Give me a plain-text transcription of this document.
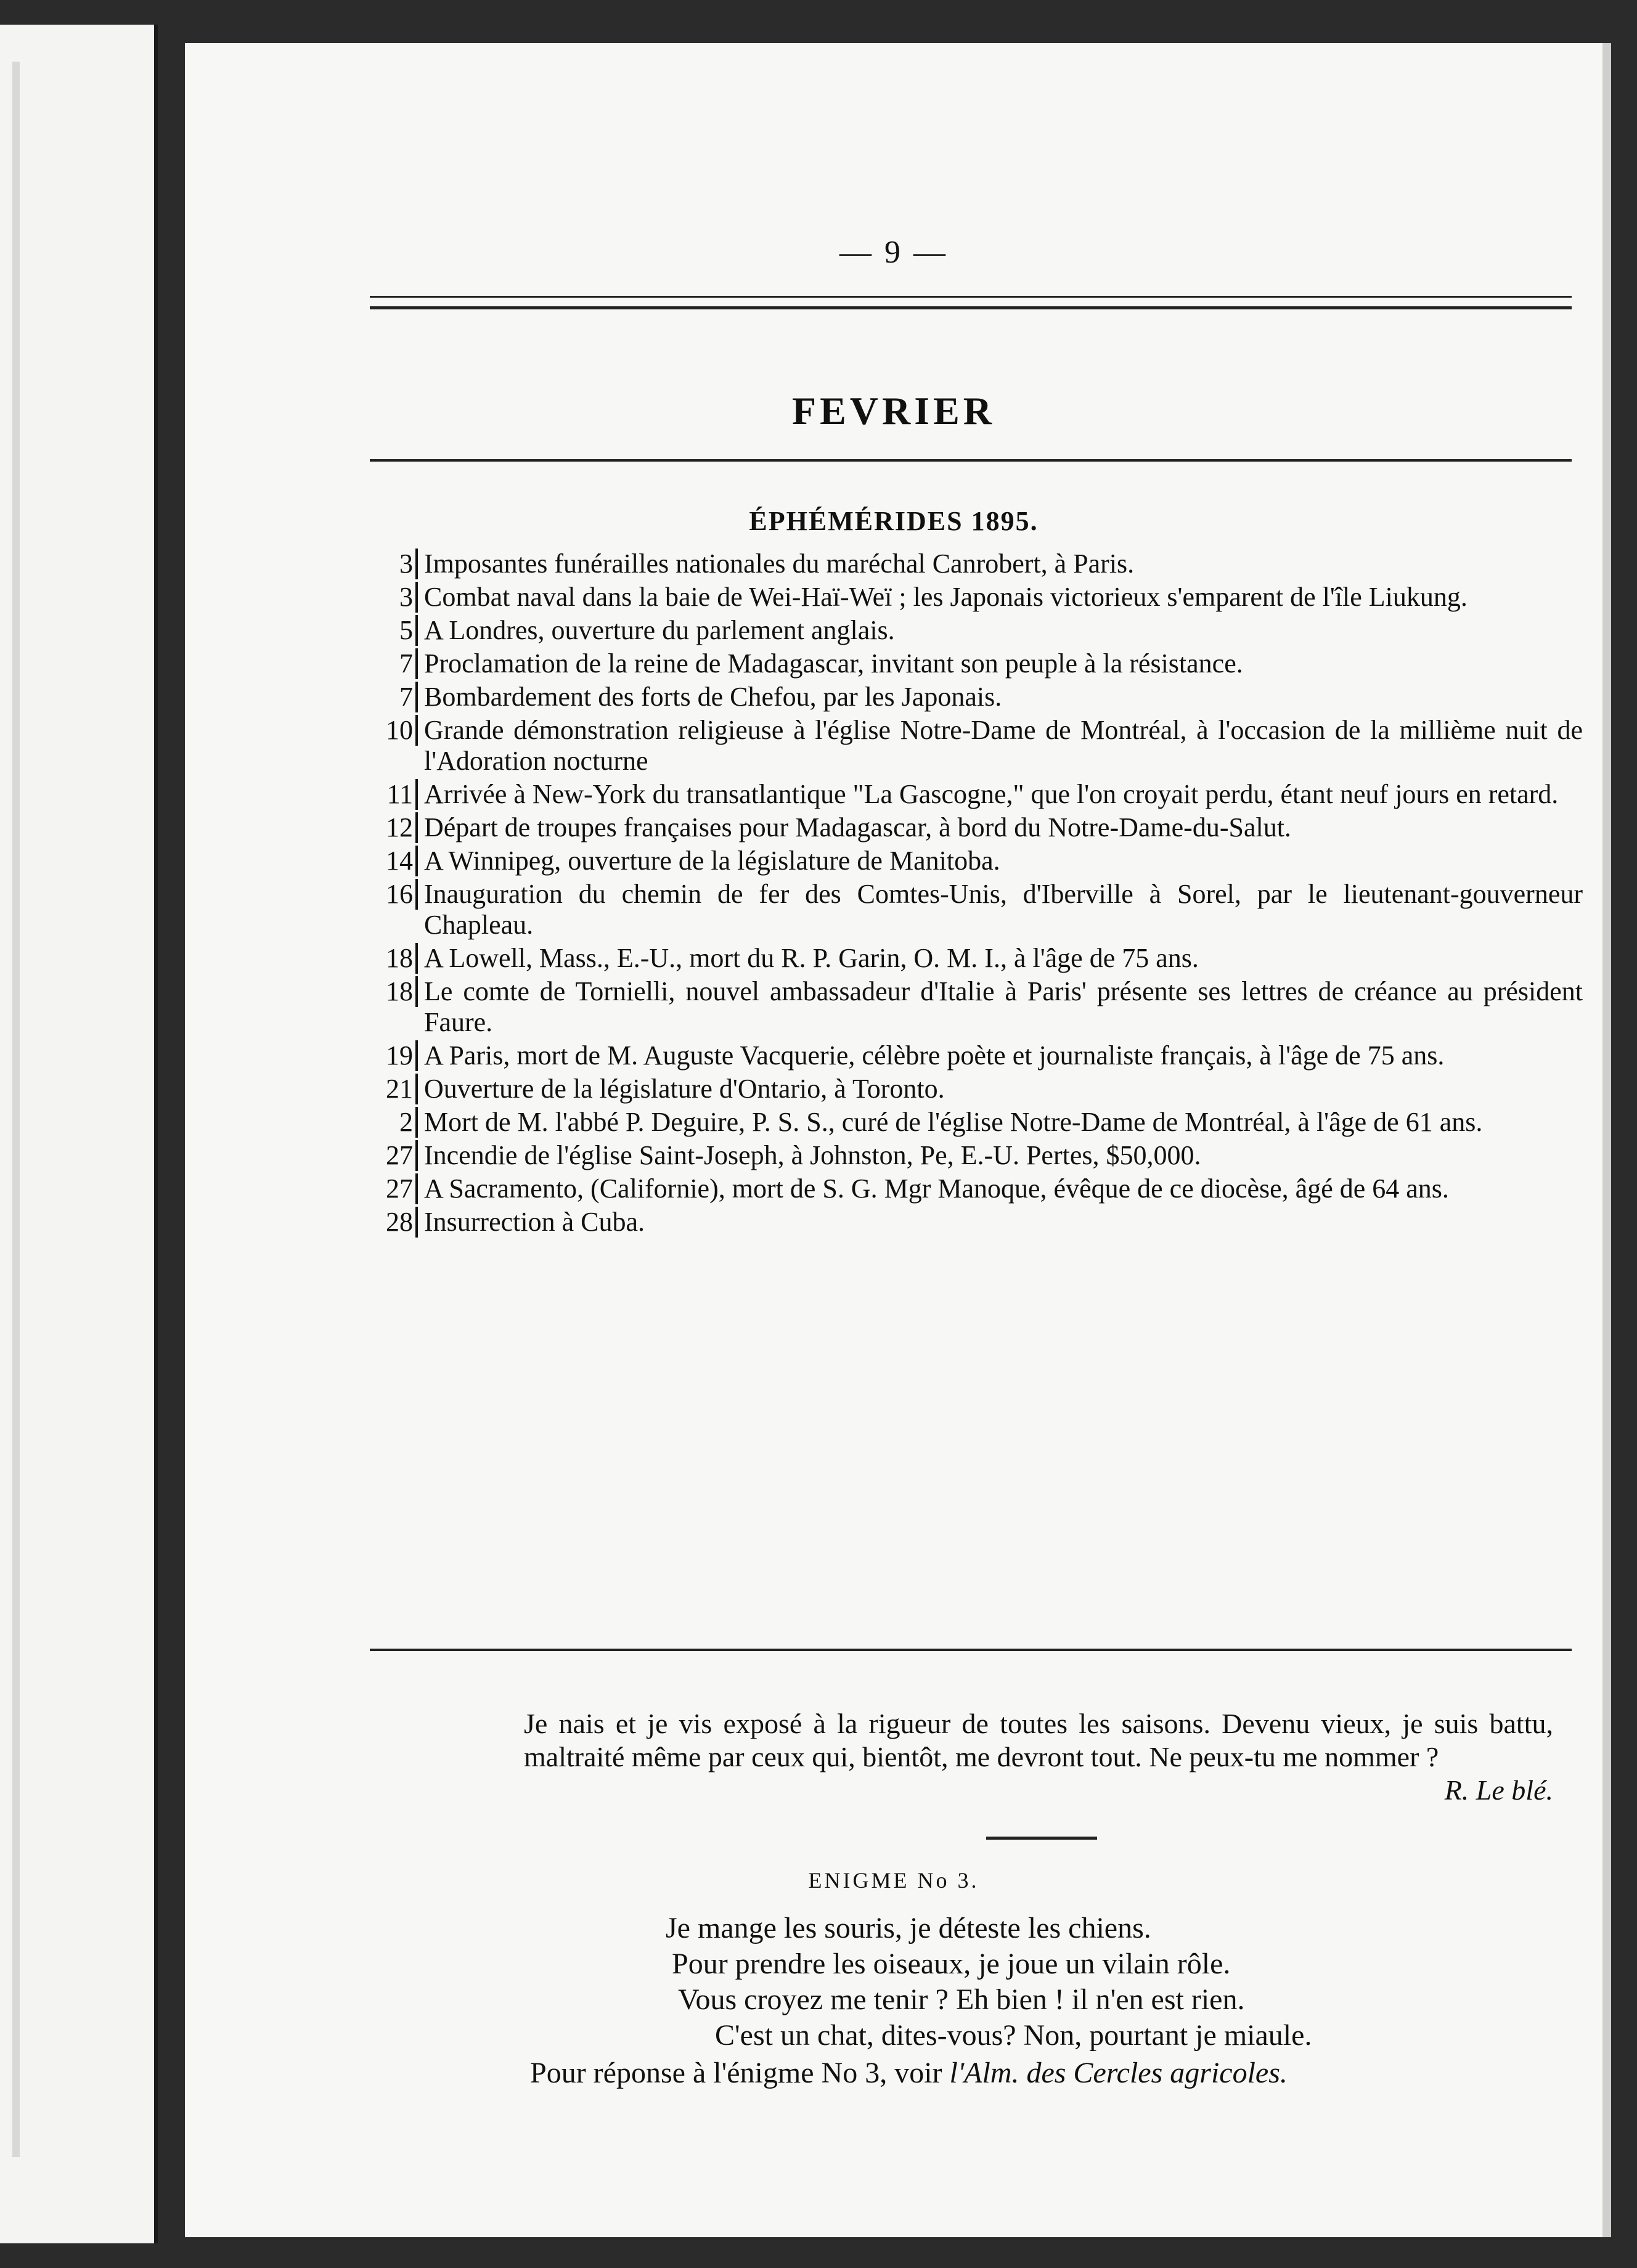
— 9 —
FEVRIER
ÉPHÉMÉRIDES 1895.
3 Imposantes funérailles nationales du maréchal Canrobert, à Paris.
3 Combat naval dans la baie de Wei-Haï-Weï ; les Japonais victorieux s'emparent de l'île Liukung.
5 A Londres, ouverture du parlement anglais.
7 Proclamation de la reine de Madagascar, invitant son peuple à la résistance.
7 Bombardement des forts de Chefou, par les Japonais.
10 Grande démonstration religieuse à l'église Notre-Dame de Montréal, à l'occasion de la millième nuit de l'Adoration nocturne
11 Arrivée à New-York du transatlantique "La Gascogne," que l'on croyait perdu, étant neuf jours en retard.
12 Départ de troupes françaises pour Madagascar, à bord du Notre-Dame-du-Salut.
14 A Winnipeg, ouverture de la législature de Manitoba.
16 Inauguration du chemin de fer des Comtes-Unis, d'Iberville à Sorel, par le lieutenant-gouverneur Chapleau.
18 A Lowell, Mass., E.-U., mort du R. P. Garin, O. M. I., à l'âge de 75 ans.
18 Le comte de Tornielli, nouvel ambassadeur d'Italie à Paris' présente ses lettres de créance au président Faure.
19 A Paris, mort de M. Auguste Vacquerie, célèbre poète et journaliste français, à l'âge de 75 ans.
21 Ouverture de la législature d'Ontario, à Toronto.
2 Mort de M. l'abbé P. Deguire, P. S. S., curé de l'église Notre-Dame de Montréal, à l'âge de 61 ans.
27 Incendie de l'église Saint-Joseph, à Johnston, Pe, E.-U. Pertes, $50,000.
27 A Sacramento, (Californie), mort de S. G. Mgr Manoque, évêque de ce diocèse, âgé de 64 ans.
28 Insurrection à Cuba.
Je nais et je vis exposé à la rigueur de toutes les saisons. Devenu vieux, je suis battu, maltraité même par ceux qui, bientôt, me devront tout. Ne peux-tu me nommer ?
R. Le blé.
ENIGME No 3.
Je mange les souris, je déteste les chiens.
Pour prendre les oiseaux, je joue un vilain rôle.
Vous croyez me tenir ? Eh bien ! il n'en est rien.
C'est un chat, dites-vous? Non, pourtant je miaule.
Pour réponse à l'énigme No 3, voir l'Alm. des Cercles agricoles.
